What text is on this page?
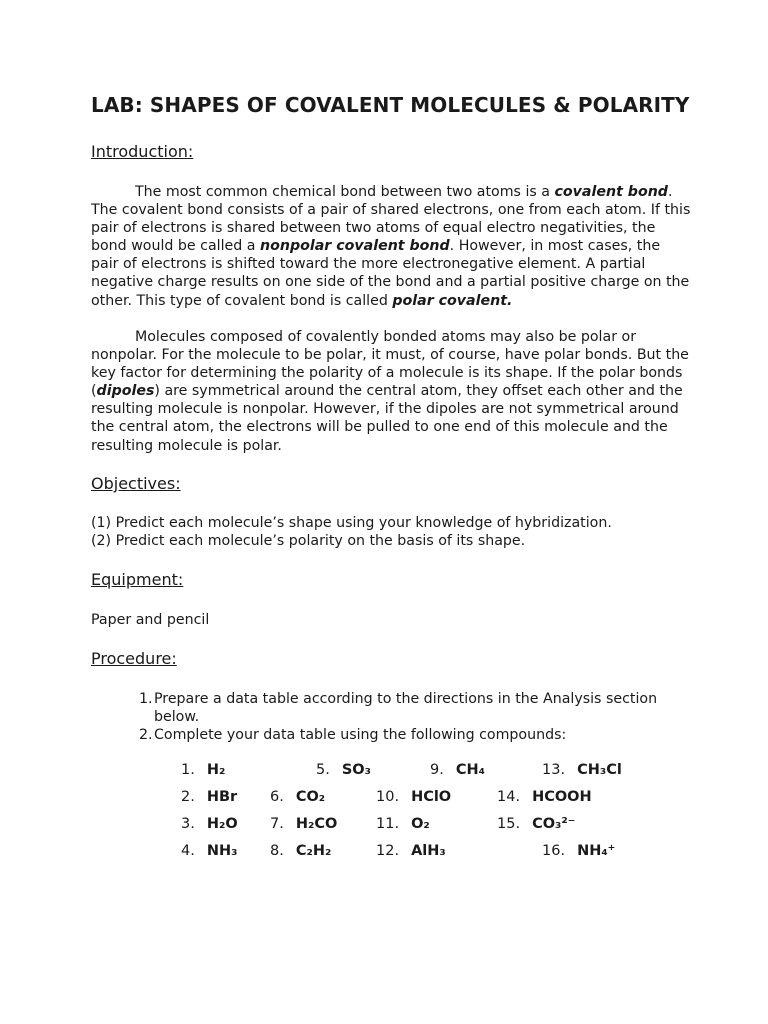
LAB: SHAPES OF COVALENT MOLECULES & POLARITY
Introduction:

The most common chemical bond between two atoms is a covalent bond. The covalent bond consists of a pair of shared electrons, one from each atom. If this pair of electrons is shared between two atoms of equal electro negativities, the bond would be called a nonpolar covalent bond. However, in most cases, the pair of electrons is shifted toward the more electronegative element. A partial negative charge results on one side of the bond and a partial positive charge on the other. This type of covalent bond is called polar covalent.

Molecules composed of covalently bonded atoms may also be polar or nonpolar. For the molecule to be polar, it must, of course, have polar bonds. But the key factor for determining the polarity of a molecule is its shape. If the polar bonds (dipoles) are symmetrical around the central atom, they offset each other and the resulting molecule is nonpolar. However, if the dipoles are not symmetrical around the central atom, the electrons will be pulled to one end of this molecule and the resulting molecule is polar.

Objectives:
(1) Predict each molecule’s shape using your knowledge of hybridization.
(2) Predict each molecule’s polarity on the basis of its shape.
Equipment:
Paper and pencil
Procedure:
1. Prepare a data table according to the directions in the Analysis section below.
2. Complete your data table using the following compounds:
1. H₂
2. HBr
3. H₂O
4. NH₃
5. SO₃
6. CO₂
7. H₂CO
8. C₂H₂
9. CH₄
10. HClO
11. O₂
12. AlH₃
13. CH₃Cl
14. HCOOH
15. CO₃²⁻
16. NH₄⁺
